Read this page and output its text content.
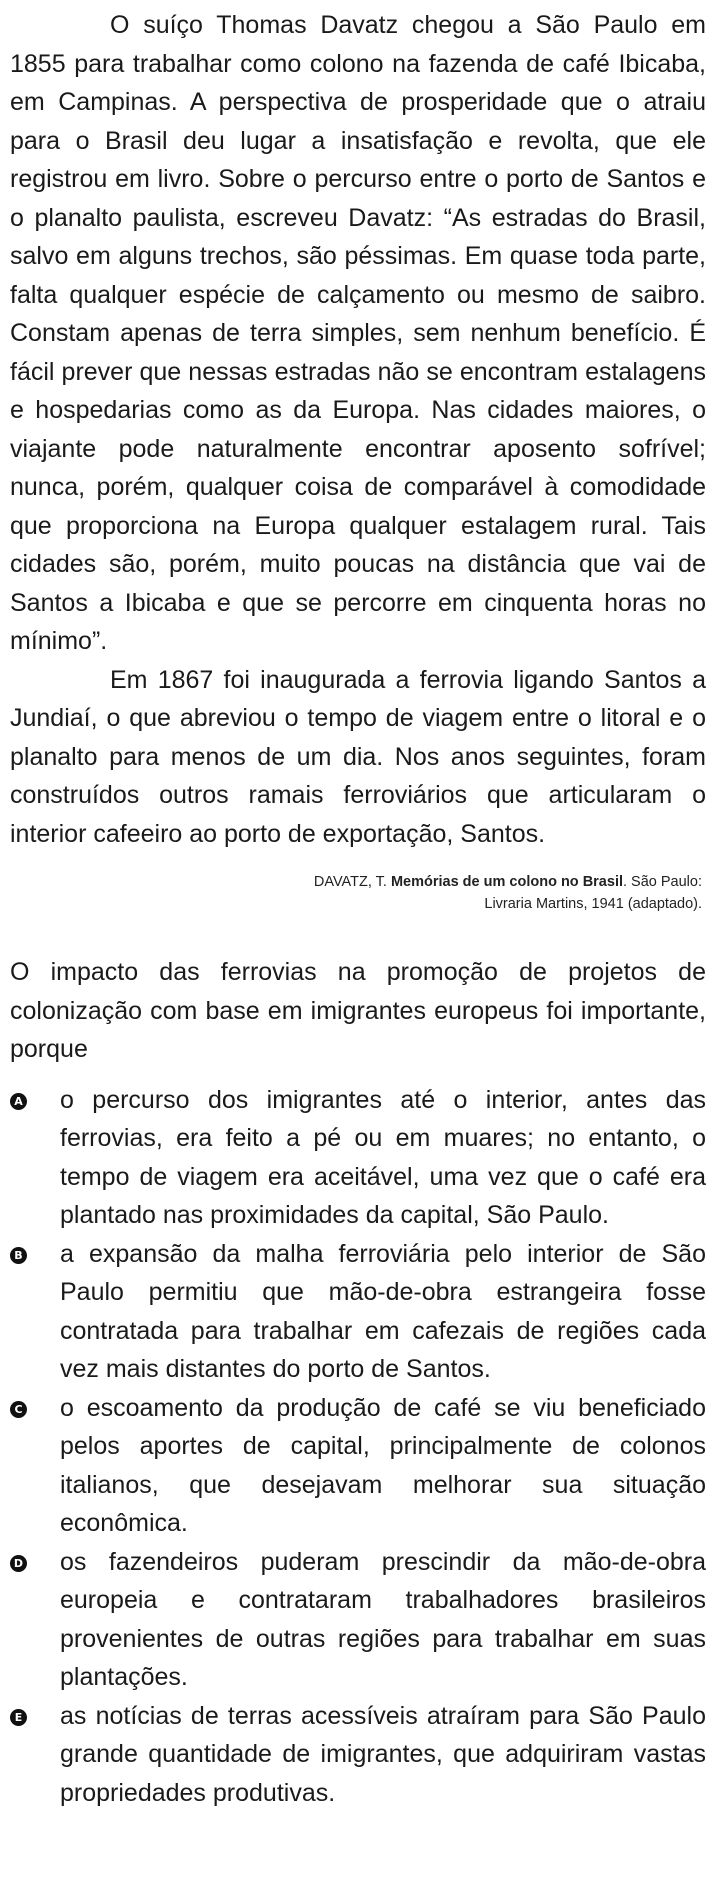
O suíço Thomas Davatz chegou a São Paulo em 1855 para trabalhar como colono na fazenda de café Ibicaba, em Campinas. A perspectiva de prosperidade que o atraiu para o Brasil deu lugar a insatisfação e revolta, que ele registrou em livro. Sobre o percurso entre o porto de Santos e o planalto paulista, escreveu Davatz: “As estradas do Brasil, salvo em alguns trechos, são péssimas. Em quase toda parte, falta qualquer espécie de calçamento ou mesmo de saibro. Constam apenas de terra simples, sem nenhum benefício. É fácil prever que nessas estradas não se encontram estalagens e hospedarias como as da Europa. Nas cidades maiores, o viajante pode naturalmente encontrar aposento sofrível; nunca, porém, qualquer coisa de comparável à comodidade que proporciona na Europa qualquer estalagem rural. Tais cidades são, porém, muito poucas na distância que vai de Santos a Ibicaba e que se percorre em cinquenta horas no mínimo”.

Em 1867 foi inaugurada a ferrovia ligando Santos a Jundiaí, o que abreviou o tempo de viagem entre o litoral e o planalto para menos de um dia. Nos anos seguintes, foram construídos outros ramais ferroviários que articularam o interior cafeeiro ao porto de exportação, Santos.

DAVATZ, T. Memórias de um colono no Brasil. São Paulo:
Livraria Martins, 1941 (adaptado).

O impacto das ferrovias na promoção de projetos de colonização com base em imigrantes europeus foi importante, porque

A	o percurso dos imigrantes até o interior, antes das ferrovias, era feito a pé ou em muares; no entanto, o tempo de viagem era aceitável, uma vez que o café era plantado nas proximidades da capital, São Paulo.
B	a expansão da malha ferroviária pelo interior de São Paulo permitiu que mão-de-obra estrangeira fosse contratada para trabalhar em cafezais de regiões cada vez mais distantes do porto de Santos.
C	o escoamento da produção de café se viu beneficiado pelos aportes de capital, principalmente de colonos italianos, que desejavam melhorar sua situação econômica.
D	os fazendeiros puderam prescindir da mão-de-obra europeia e contrataram trabalhadores brasileiros provenientes de outras regiões para trabalhar em suas plantações.
E	as notícias de terras acessíveis atraíram para São Paulo grande quantidade de imigrantes, que adquiriram vastas propriedades produtivas.
